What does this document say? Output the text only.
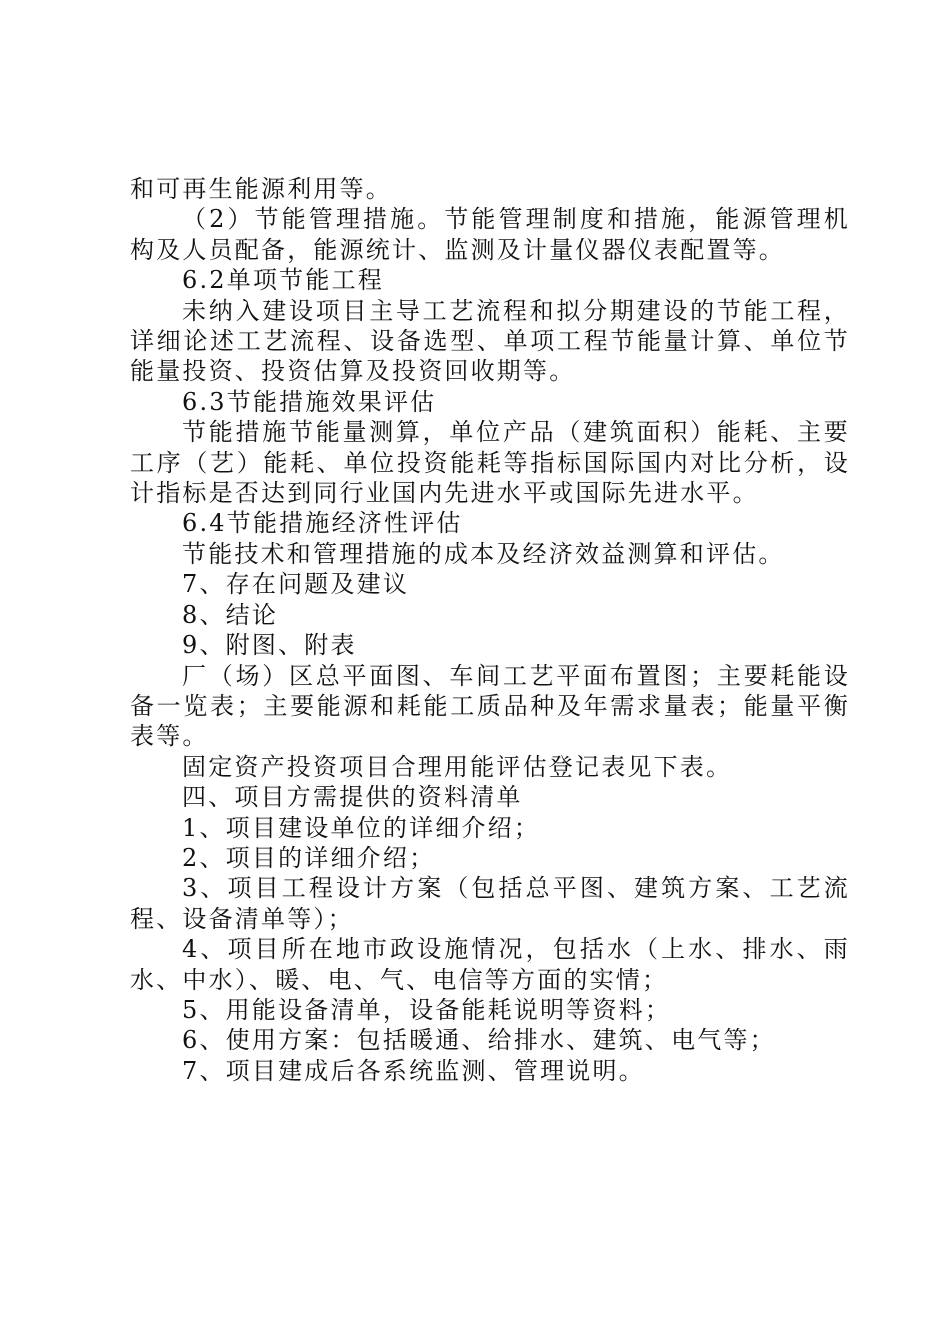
和可再生能源利用等。

（2）节能管理措施。节能管理制度和措施，能源管理机构及人员配备，能源统计、监测及计量仪器仪表配置等。

6.2单项节能工程

未纳入建设项目主导工艺流程和拟分期建设的节能工程，详细论述工艺流程、设备选型、单项工程节能量计算、单位节能量投资、投资估算及投资回收期等。

6.3节能措施效果评估

节能措施节能量测算，单位产品（建筑面积）能耗、主要工序（艺）能耗、单位投资能耗等指标国际国内对比分析，设计指标是否达到同行业国内先进水平或国际先进水平。

6.4节能措施经济性评估

节能技术和管理措施的成本及经济效益测算和评估。

7、存在问题及建议

8、结论

9、附图、附表

厂（场）区总平面图、车间工艺平面布置图；主要耗能设备一览表；主要能源和耗能工质品种及年需求量表；能量平衡表等。

固定资产投资项目合理用能评估登记表见下表。

四、项目方需提供的资料清单

1、项目建设单位的详细介绍；

2、项目的详细介绍；

3、项目工程设计方案（包括总平图、建筑方案、工艺流程、设备清单等）；

4、项目所在地市政设施情况，包括水（上水、排水、雨水、中水）、暖、电、气、电信等方面的实情；

5、用能设备清单，设备能耗说明等资料；

6、使用方案：包括暖通、给排水、建筑、电气等；

7、项目建成后各系统监测、管理说明。
